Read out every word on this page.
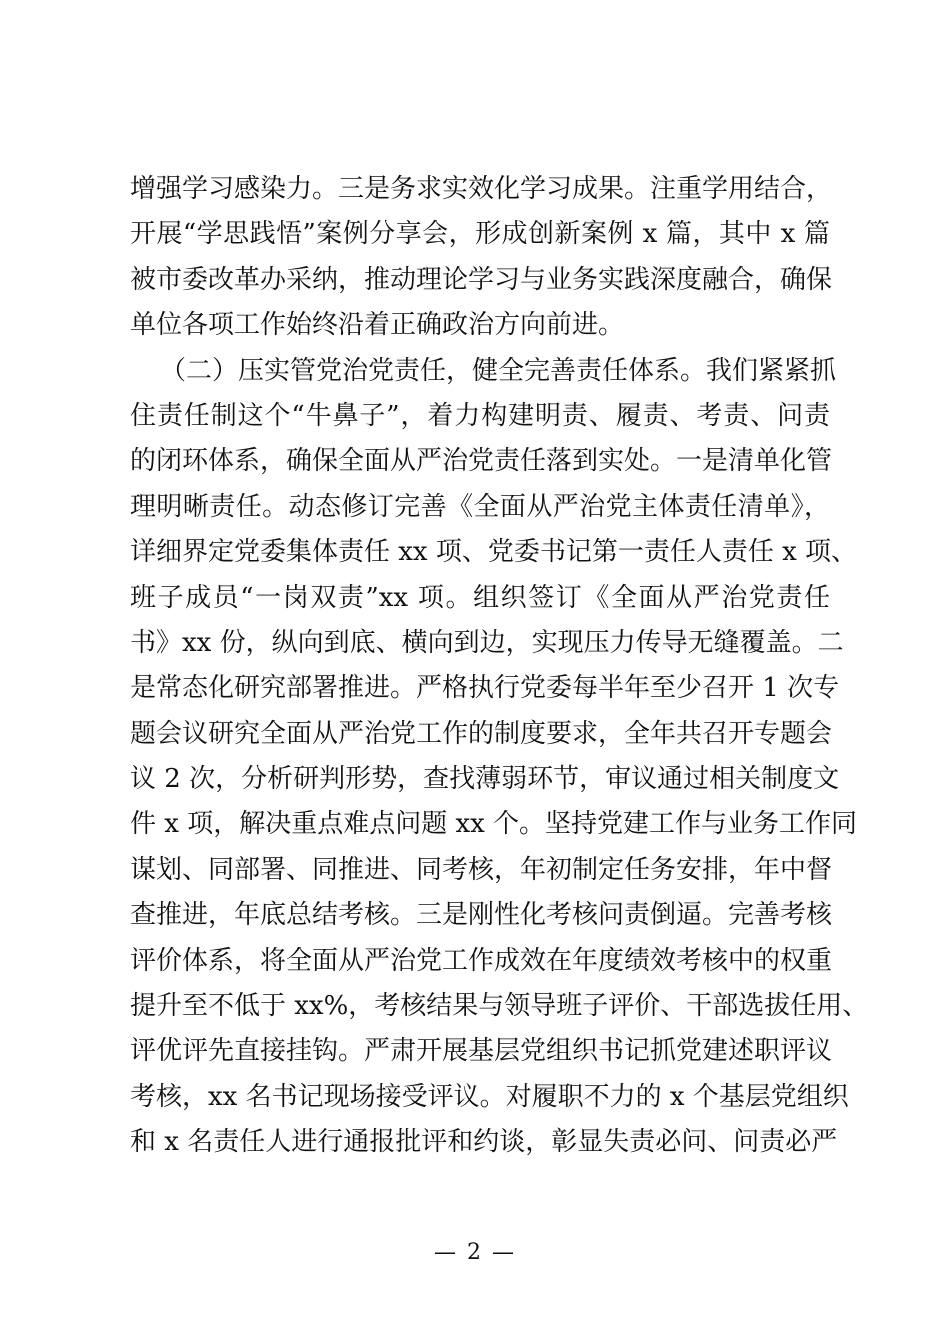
增强学习感染力。三是务求实效化学习成果。注重学用结合，
开展“学思践悟”案例分享会，形成创新案例 x 篇，其中 x 篇
被市委改革办采纳，推动理论学习与业务实践深度融合，确保
单位各项工作始终沿着正确政治方向前进。
（二）压实管党治党责任，健全完善责任体系。我们紧紧抓
住责任制这个“牛鼻子”，着力构建明责、履责、考责、问责
的闭环体系，确保全面从严治党责任落到实处。一是清单化管
理明晰责任。动态修订完善《全面从严治党主体责任清单》，
详细界定党委集体责任 xx 项、党委书记第一责任人责任 x 项、
班子成员“一岗双责”xx 项。组织签订《全面从严治党责任
书》xx 份，纵向到底、横向到边，实现压力传导无缝覆盖。二
是常态化研究部署推进。严格执行党委每半年至少召开 1 次专
题会议研究全面从严治党工作的制度要求，全年共召开专题会
议 2 次，分析研判形势，查找薄弱环节，审议通过相关制度文
件 x 项，解决重点难点问题 xx 个。坚持党建工作与业务工作同
谋划、同部署、同推进、同考核，年初制定任务安排，年中督
查推进，年底总结考核。三是刚性化考核问责倒逼。完善考核
评价体系，将全面从严治党工作成效在年度绩效考核中的权重
提升至不低于 xx%，考核结果与领导班子评价、干部选拔任用、
评优评先直接挂钩。严肃开展基层党组织书记抓党建述职评议
考核，xx 名书记现场接受评议。对履职不力的 x 个基层党组织
和 x 名责任人进行通报批评和约谈，彰显失责必问、问责必严
— 2 —
